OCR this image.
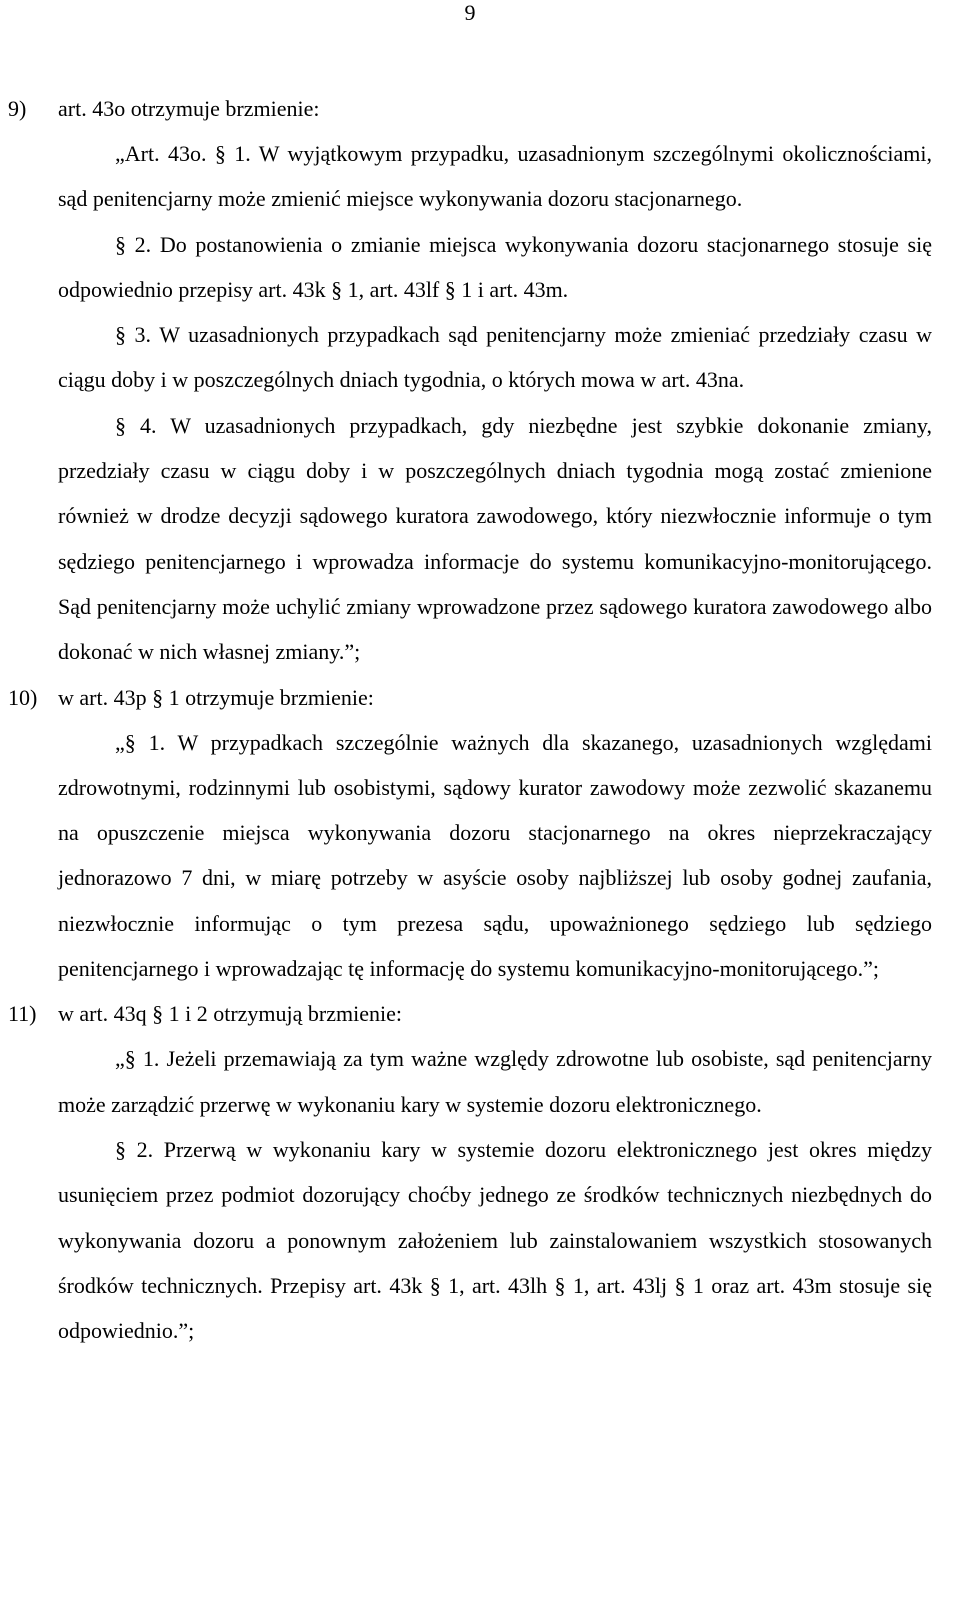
9
9) art. 43o otrzymuje brzmienie:

„Art. 43o. § 1. W wyjątkowym przypadku, uzasadnionym szczególnymi okolicznościami, sąd penitencjarny może zmienić miejsce wykonywania dozoru stacjonarnego.

§ 2. Do postanowienia o zmianie miejsca wykonywania dozoru stacjonarnego stosuje się odpowiednio przepisy art. 43k § 1, art. 43lf § 1 i art. 43m.

§ 3. W uzasadnionych przypadkach sąd penitencjarny może zmieniać przedziały czasu w ciągu doby i w poszczególnych dniach tygodnia, o których mowa w art. 43na.

§ 4. W uzasadnionych przypadkach, gdy niezbędne jest szybkie dokonanie zmiany, przedziały czasu w ciągu doby i w poszczególnych dniach tygodnia mogą zostać zmienione również w drodze decyzji sądowego kuratora zawodowego, który niezwłocznie informuje o tym sędziego penitencjarnego i wprowadza informacje do systemu komunikacyjno-monitorującego. Sąd penitencjarny może uchylić zmiany wprowadzone przez sądowego kuratora zawodowego albo dokonać w nich własnej zmiany.”;

10) w art. 43p § 1 otrzymuje brzmienie:

„§ 1. W przypadkach szczególnie ważnych dla skazanego, uzasadnionych względami zdrowotnymi, rodzinnymi lub osobistymi, sądowy kurator zawodowy może zezwolić skazanemu na opuszczenie miejsca wykonywania dozoru stacjonarnego na okres nieprzekraczający jednorazowo 7 dni, w miarę potrzeby w asyście osoby najbliższej lub osoby godnej zaufania, niezwłocznie informując o tym prezesa sądu, upoważnionego sędziego lub sędziego penitencjarnego i wprowadzając tę informację do systemu komunikacyjno-monitorującego.”;

11) w art. 43q § 1 i 2 otrzymują brzmienie:

„§ 1. Jeżeli przemawiają za tym ważne względy zdrowotne lub osobiste, sąd penitencjarny może zarządzić przerwę w wykonaniu kary w systemie dozoru elektronicznego.

§ 2. Przerwą w wykonaniu kary w systemie dozoru elektronicznego jest okres między usunięciem przez podmiot dozorujący choćby jednego ze środków technicznych niezbędnych do wykonywania dozoru a ponownym założeniem lub zainstalowaniem wszystkich stosowanych środków technicznych. Przepisy art. 43k § 1, art. 43lh § 1, art. 43lj § 1 oraz art. 43m stosuje się odpowiednio.”;
